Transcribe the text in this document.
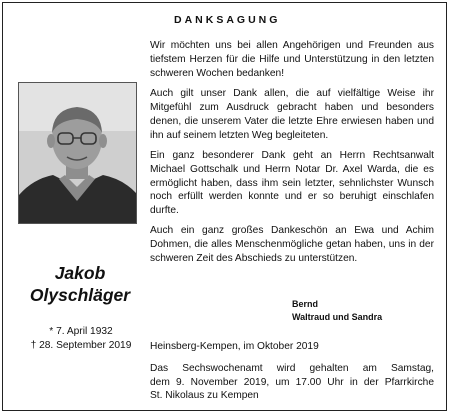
DANKSAGUNG
Jakob
Olyschläger
* 7. April 1932
† 28. September 2019
Wir möchten uns bei allen Angehörigen und Freunden aus tiefstem Herzen für die Hilfe und Unterstützung in den letzten schweren Wochen bedanken!
Auch gilt unser Dank allen, die auf vielfältige Weise ihr Mitgefühl zum Ausdruck gebracht haben und besonders denen, die unserem Vater die letzte Ehre erwiesen haben und ihn auf seinem letzten Weg begleiteten.
Ein ganz besonderer Dank geht an Herrn Rechtsanwalt Michael Gottschalk und Herrn Notar Dr. Axel Warda, die es ermöglicht haben, dass ihm sein letzter, sehnlichster Wunsch noch erfüllt werden konnte und er so beruhigt einschlafen durfte.
Auch ein ganz großes Dankeschön an Ewa und Achim Dohmen, die alles Menschenmögliche getan haben, uns in der schweren Zeit des Abschieds zu unterstützen.
Bernd
Waltraud und Sandra
Heinsberg-Kempen, im Oktober 2019
Das Sechswochenamt wird gehalten am Samstag,
dem 9. November 2019, um 17.00 Uhr in der Pfarrkirche
St. Nikolaus zu Kempen
